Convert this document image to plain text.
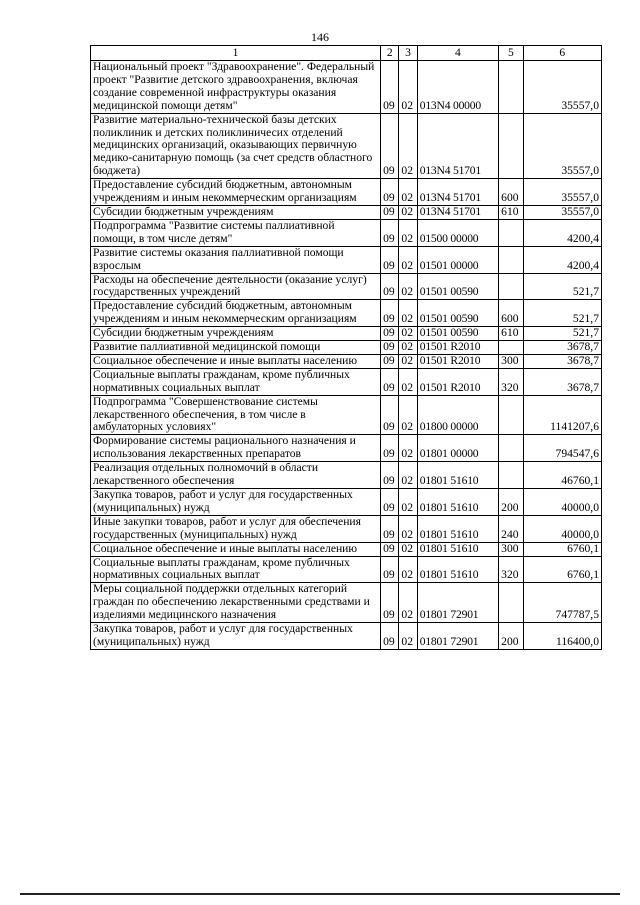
146
1	2	3	4	5	6
Национальный проект "Здравоохранение". Федеральный проект "Развитие детского здравоохранения, включая создание современной инфраструктуры оказания медицинской помощи детям"	09	02	013N4 00000		35557,0
Развитие материально-технической базы детских поликлиник и детских поликлиничесих отделений медицинских организаций, оказывающих первичную медико-санитарную помощь (за счет средств областного бюджета)	09	02	013N4 51701		35557,0
Предоставление субсидий бюджетным, автономным учреждениям и иным некоммерческим организациям	09	02	013N4 51701	600	35557,0
Субсидии бюджетным учреждениям	09	02	013N4 51701	610	35557,0
Подпрограмма "Развитие системы паллиативной помощи, в том числе детям"	09	02	01500 00000		4200,4
Развитие системы оказания паллиативной помощи взрослым	09	02	01501 00000		4200,4
Расходы на обеспечение деятельности (оказание услуг) государственных учреждений	09	02	01501 00590		521,7
Предоставление субсидий бюджетным, автономным учреждениям и иным некоммерческим организациям	09	02	01501 00590	600	521,7
Субсидии бюджетным учреждениям	09	02	01501 00590	610	521,7
Развитие паллиативной медицинской помощи	09	02	01501 R2010		3678,7
Социальное обеспечение и иные выплаты населению	09	02	01501 R2010	300	3678,7
Социальные выплаты гражданам, кроме публичных нормативных социальных выплат	09	02	01501 R2010	320	3678,7
Подпрограмма "Совершенствование системы лекарственного обеспечения, в том числе в амбулаторных условиях"	09	02	01800 00000		1141207,6
Формирование системы рационального назначения и использования лекарственных препаратов	09	02	01801 00000		794547,6
Реализация отдельных полномочий в области лекарственного обеспечения	09	02	01801 51610		46760,1
Закупка товаров, работ и услуг для государственных (муниципальных) нужд	09	02	01801 51610	200	40000,0
Иные закупки товаров, работ и услуг для обеспечения государственных (муниципальных) нужд	09	02	01801 51610	240	40000,0
Социальное обеспечение и иные выплаты населению	09	02	01801 51610	300	6760,1
Социальные выплаты гражданам, кроме публичных нормативных социальных выплат	09	02	01801 51610	320	6760,1
Меры социальной поддержки отдельных категорий граждан по обеспечению лекарственными средствами и изделиями медицинского назначения	09	02	01801 72901		747787,5
Закупка товаров, работ и услуг для государственных (муниципальных) нужд	09	02	01801 72901	200	116400,0
